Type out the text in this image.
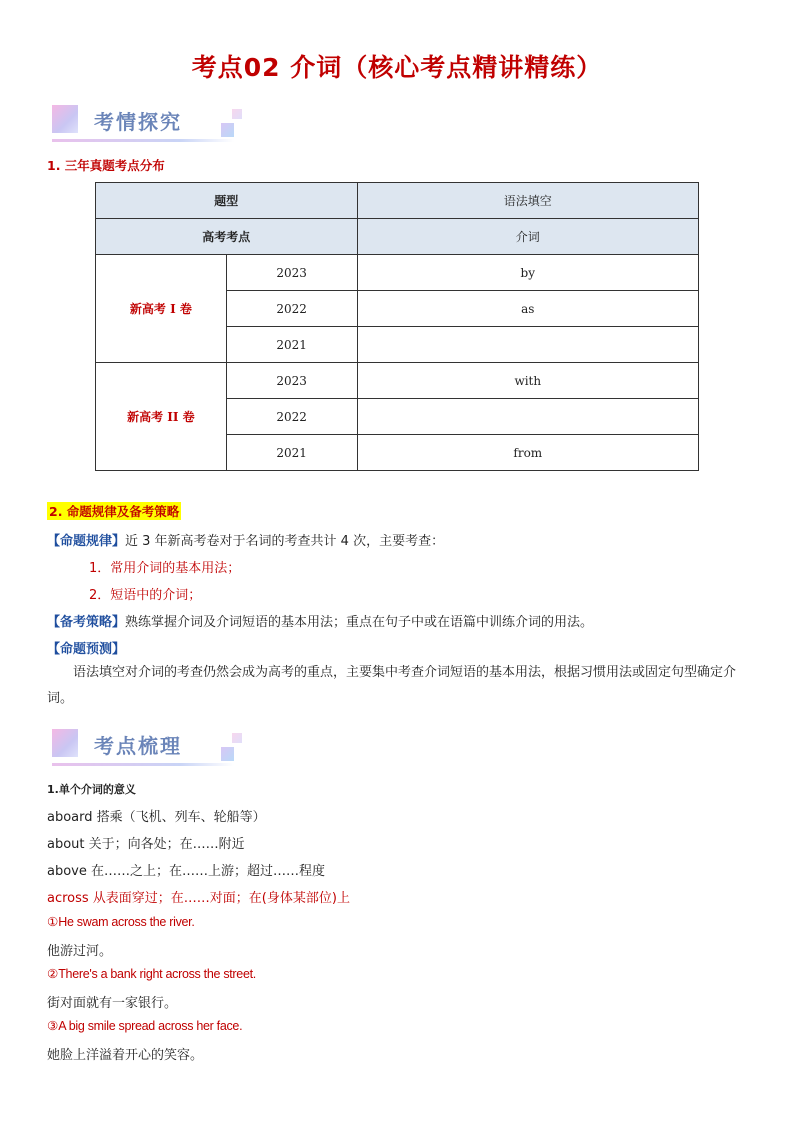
考点02 介词（核心考点精讲精练）
考情探究
1. 三年真题考点分布
题型		语法填空
高考考点		介词
新高考 I 卷	2023	by
	2022	as
	2021	
新高考 II 卷	2023	with
	2022	
	2021	from
2. 命题规律及备考策略
【命题规律】近 3 年新高考卷对于名词的考查共计 4 次，主要考查：
1．常用介词的基本用法；
2．短语中的介词；
【备考策略】熟练掌握介词及介词短语的基本用法；重点在句子中或在语篇中训练介词的用法。
【命题预测】
语法填空对介词的考查仍然会成为高考的重点，主要集中考查介词短语的基本用法，根据习惯用法或固定句型确定介词。
考点梳理
1.单个介词的意义
aboard 搭乘（飞机、列车、轮船等）
about 关于；向各处；在……附近
above 在……之上；在……上游；超过……程度
across 从表面穿过；在……对面；在(身体某部位)上
①He swam across the river.
他游过河。
②There's a bank right across the street.
街对面就有一家银行。
③A big smile spread across her face.
她脸上洋溢着开心的笑容。
